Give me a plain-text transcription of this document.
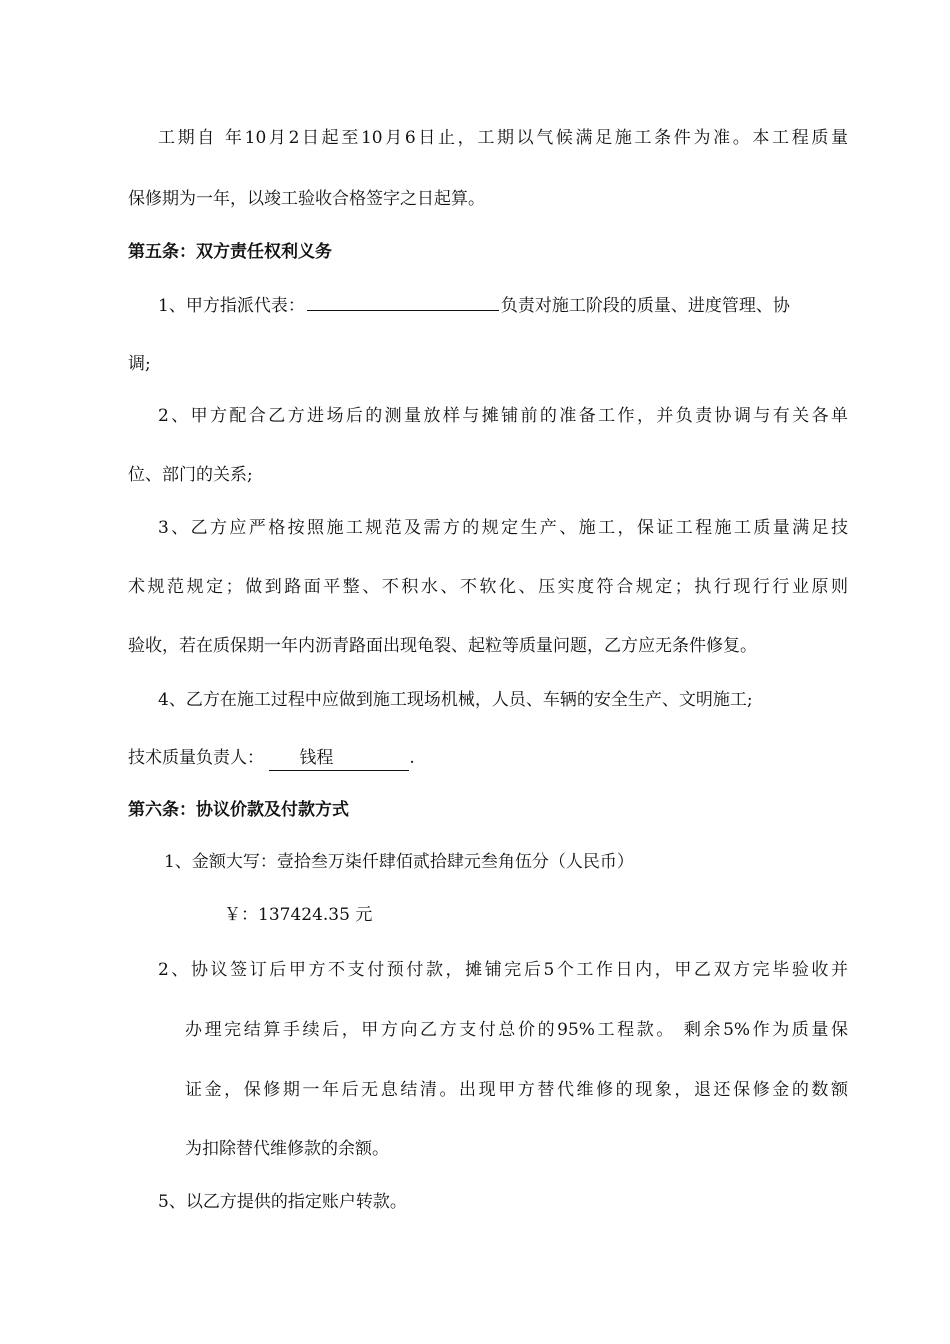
工期自 年10月2日起至10月6日止，工期以气候满足施工条件为准。本工程质量
保修期为一年，以竣工验收合格签字之日起算。
第五条：双方责任权利义务
1、甲方指派代表：	负责对施工阶段的质量、进度管理、协
调;
2、甲方配合乙方进场后的测量放样与摊铺前的准备工作，并负责协调与有关各单
位、部门的关系;
3、乙方应严格按照施工规范及需方的规定生产、施工，保证工程施工质量满足技
术规范规定；做到路面平整、不积水、不软化、压实度符合规定；执行现行行业原则
验收，若在质保期一年内沥青路面出现龟裂、起粒等质量问题，乙方应无条件修复。
4、乙方在施工过程中应做到施工现场机械，人员、车辆的安全生产、文明施工;
技术质量负责人： 钱程	.
第六条：协议价款及付款方式
1、金额大写：壹拾叁万柒仟肆佰贰拾肆元叁角伍分（人民币）
￥：137424.35 元
2、协议签订后甲方不支付预付款，摊铺完后5个工作日内，甲乙双方完毕验收并
办理完结算手续后，甲方向乙方支付总价的95%工程款。 剩余5%作为质量保
证金，保修期一年后无息结清。出现甲方替代维修的现象，退还保修金的数额
为扣除替代维修款的余额。
5、以乙方提供的指定账户转款。
